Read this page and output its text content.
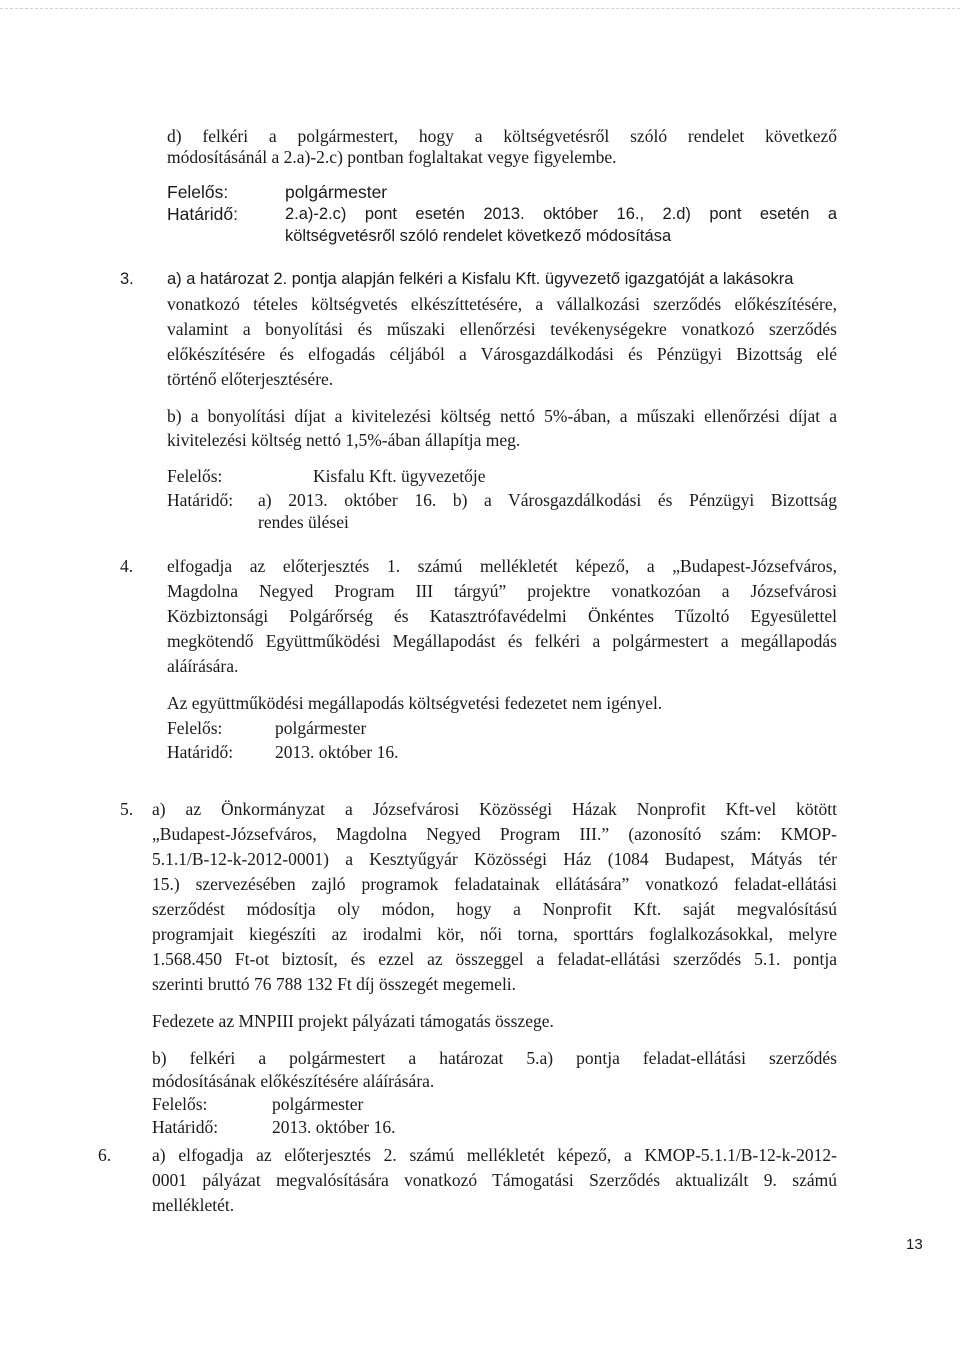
d) felkéri a polgármestert, hogy a költségvetésről szóló rendelet következő
módosításánál a 2.a)-2.c) pontban foglaltakat vegye figyelembe.
Felelős:	polgármester
Határidő:	2.a)-2.c) pont esetén 2013. október 16., 2.d) pont esetén a
költségvetésről szóló rendelet következő módosítása
3. a) a határozat 2. pontja alapján felkéri a Kisfalu Kft. ügyvezető igazgatóját a lakásokra
vonatkozó tételes költségvetés elkészíttetésére, a vállalkozási szerződés előkészítésére,
valamint a bonyolítási és műszaki ellenőrzési tevékenységekre vonatkozó szerződés
előkészítésére és elfogadás céljából a Városgazdálkodási és Pénzügyi Bizottság elé
történő előterjesztésére.
b) a bonyolítási díjat a kivitelezési költség nettó 5%-ában, a műszaki ellenőrzési díjat a
kivitelezési költség nettó 1,5%-ában állapítja meg.
Felelős:	Kisfalu Kft. ügyvezetője
Határidő: a) 2013. október 16. b) a Városgazdálkodási és Pénzügyi Bizottság
rendes ülései
4. elfogadja az előterjesztés 1. számú mellékletét képező, a „Budapest-Józsefváros,
Magdolna Negyed Program III tárgyú” projektre vonatkozóan a Józsefvárosi
Közbiztonsági Polgárőrség és Katasztrófavédelmi Önkéntes Tűzoltó Egyesülettel
megkötendő Együttműködési Megállapodást és felkéri a polgármestert a megállapodás
aláírására.
Az együttműködési megállapodás költségvetési fedezetet nem igényel.
Felelős:	polgármester
Határidő: 2013. október 16.
5. a) az Önkormányzat a Józsefvárosi Közösségi Házak Nonprofit Kft-vel kötött
„Budapest-Józsefváros, Magdolna Negyed Program III.” (azonosító szám: KMOP-
5.1.1/B-12-k-2012-0001) a Kesztyűgyár Közösségi Ház (1084 Budapest, Mátyás tér
15.) szervezésében zajló programok feladatainak ellátására” vonatkozó feladat-ellátási
szerződést módosítja oly módon, hogy a Nonprofit Kft. saját megvalósítású
programjait kiegészíti az irodalmi kör, női torna, sporttárs foglalkozásokkal, melyre
1.568.450 Ft-ot biztosít, és ezzel az összeggel a feladat-ellátási szerződés 5.1. pontja
szerinti bruttó 76 788 132 Ft díj összegét megemeli.
Fedezete az MNPIII projekt pályázati támogatás összege.
b) felkéri a polgármestert a határozat 5.a) pontja feladat-ellátási szerződés
módosításának előkészítésére aláírására.
Felelős:	polgármester
Határidő:	2013. október 16.
6. a) elfogadja az előterjesztés 2. számú mellékletét képező, a KMOP-5.1.1/B-12-k-2012-
0001 pályázat megvalósítására vonatkozó Támogatási Szerződés aktualizált 9. számú
mellékletét.
13
